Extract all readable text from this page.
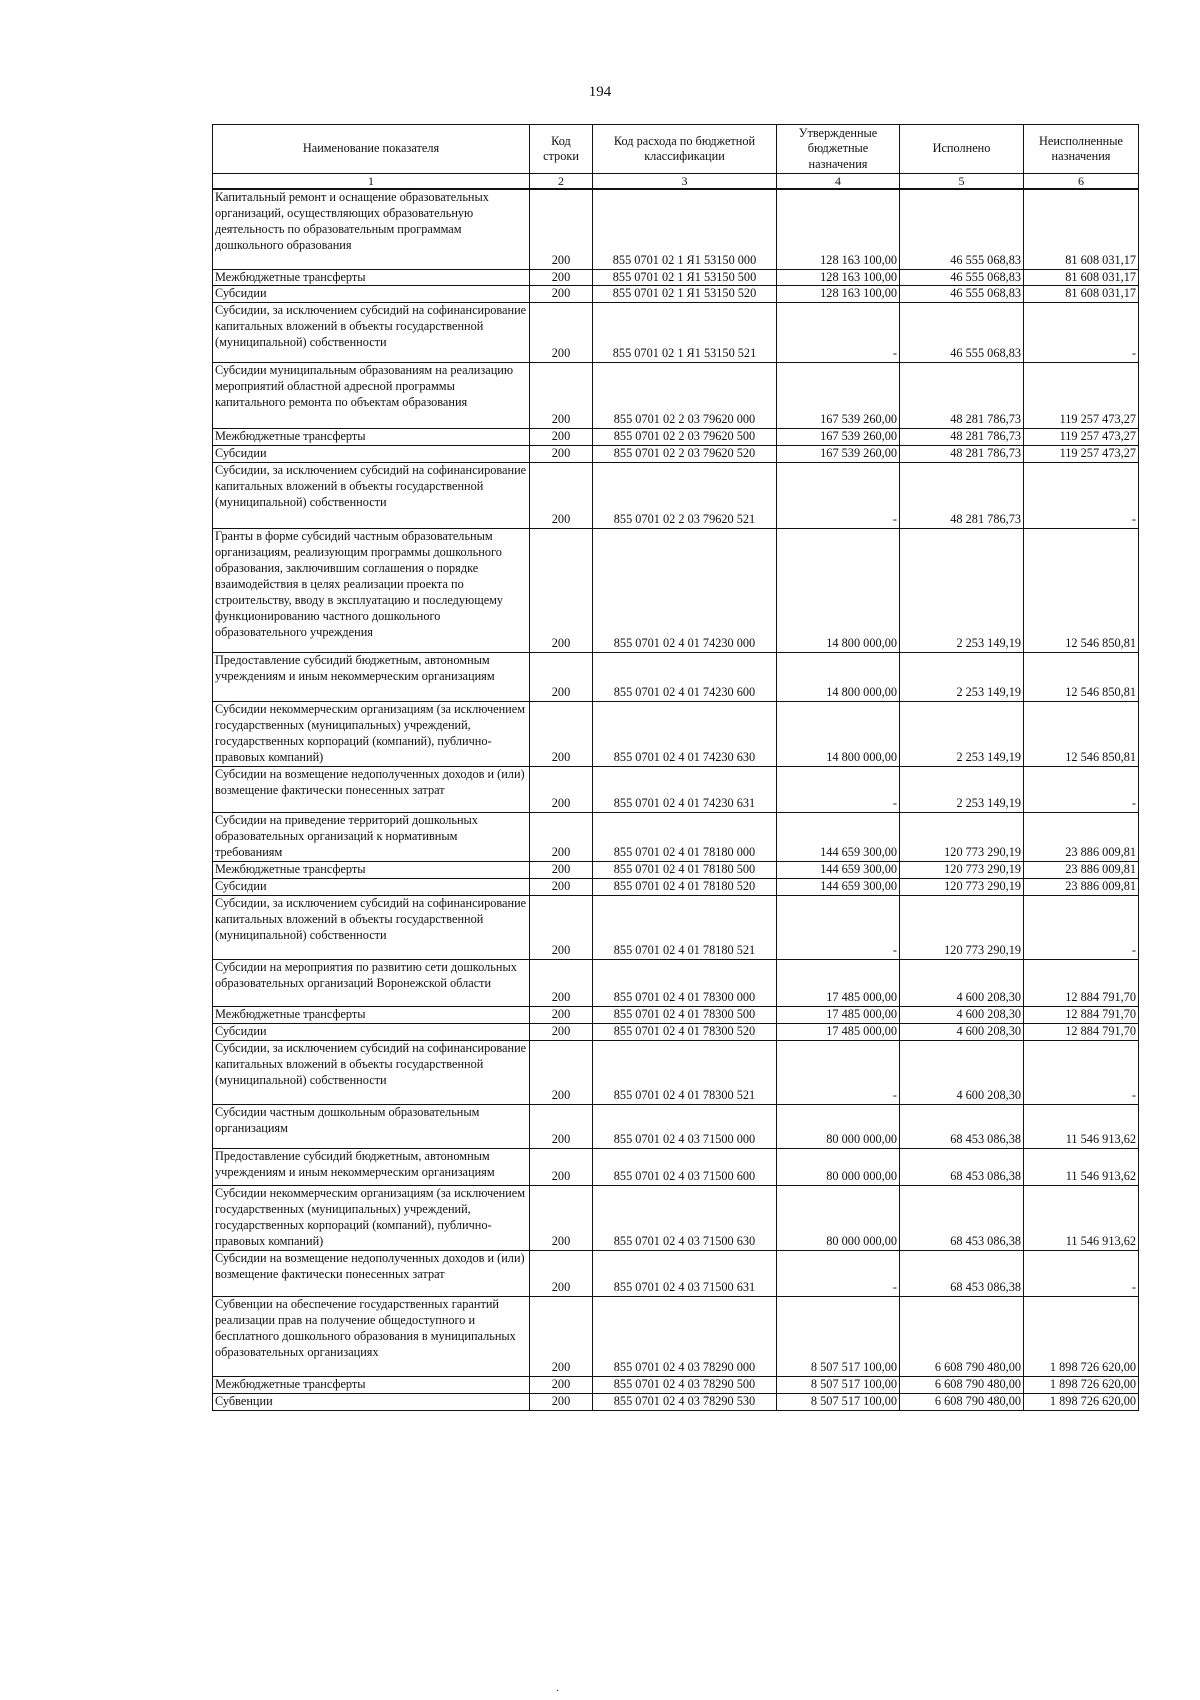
194
Наименование показателя	Код строки	Код расхода по бюджетной классификации	Утвержденные бюджетные назначения	Исполнено	Неисполненные назначения
1	2	3	4	5	6
Капитальный ремонт и оснащение образовательных организаций, осуществляющих образовательную деятельность по образовательным программам дошкольного образования	200	855 0701 02 1 Я1 53150 000	128 163 100,00	46 555 068,83	81 608 031,17
Межбюджетные трансферты	200	855 0701 02 1 Я1 53150 500	128 163 100,00	46 555 068,83	81 608 031,17
Субсидии	200	855 0701 02 1 Я1 53150 520	128 163 100,00	46 555 068,83	81 608 031,17
Субсидии, за исключением субсидий на софинансирование капитальных вложений в объекты государственной (муниципальной) собственности	200	855 0701 02 1 Я1 53150 521	-	46 555 068,83	-
Субсидии муниципальным образованиям на реализацию мероприятий областной адресной программы капитального ремонта по объектам образования	200	855 0701 02 2 03 79620 000	167 539 260,00	48 281 786,73	119 257 473,27
Межбюджетные трансферты	200	855 0701 02 2 03 79620 500	167 539 260,00	48 281 786,73	119 257 473,27
Субсидии	200	855 0701 02 2 03 79620 520	167 539 260,00	48 281 786,73	119 257 473,27
Субсидии, за исключением субсидий на софинансирование капитальных вложений в объекты государственной (муниципальной) собственности	200	855 0701 02 2 03 79620 521	-	48 281 786,73	-
Гранты в форме субсидий частным образовательным организациям, реализующим программы дошкольного образования, заключившим соглашения о порядке взаимодействия в целях реализации проекта по строительству, вводу в эксплуатацию и последующему функционированию частного дошкольного образовательного учреждения	200	855 0701 02 4 01 74230 000	14 800 000,00	2 253 149,19	12 546 850,81
Предоставление субсидий бюджетным, автономным учреждениям и иным некоммерческим организациям	200	855 0701 02 4 01 74230 600	14 800 000,00	2 253 149,19	12 546 850,81
Субсидии некоммерческим организациям (за исключением государственных (муниципальных) учреждений, государственных корпораций (компаний), публично-правовых компаний)	200	855 0701 02 4 01 74230 630	14 800 000,00	2 253 149,19	12 546 850,81
Субсидии на возмещение недополученных доходов и (или) возмещение фактически понесенных затрат	200	855 0701 02 4 01 74230 631	-	2 253 149,19	-
Субсидии на приведение территорий дошкольных образовательных организаций к нормативным требованиям	200	855 0701 02 4 01 78180 000	144 659 300,00	120 773 290,19	23 886 009,81
Межбюджетные трансферты	200	855 0701 02 4 01 78180 500	144 659 300,00	120 773 290,19	23 886 009,81
Субсидии	200	855 0701 02 4 01 78180 520	144 659 300,00	120 773 290,19	23 886 009,81
Субсидии, за исключением субсидий на софинансирование капитальных вложений в объекты государственной (муниципальной) собственности	200	855 0701 02 4 01 78180 521	-	120 773 290,19	-
Субсидии на мероприятия по развитию сети дошкольных образовательных организаций Воронежской области	200	855 0701 02 4 01 78300 000	17 485 000,00	4 600 208,30	12 884 791,70
Межбюджетные трансферты	200	855 0701 02 4 01 78300 500	17 485 000,00	4 600 208,30	12 884 791,70
Субсидии	200	855 0701 02 4 01 78300 520	17 485 000,00	4 600 208,30	12 884 791,70
Субсидии, за исключением субсидий на софинансирование капитальных вложений в объекты государственной (муниципальной) собственности	200	855 0701 02 4 01 78300 521	-	4 600 208,30	-
Субсидии частным дошкольным образовательным организациям	200	855 0701 02 4 03 71500 000	80 000 000,00	68 453 086,38	11 546 913,62
Предоставление субсидий бюджетным, автономным учреждениям и иным некоммерческим организациям	200	855 0701 02 4 03 71500 600	80 000 000,00	68 453 086,38	11 546 913,62
Субсидии некоммерческим организациям (за исключением государственных (муниципальных) учреждений, государственных корпораций (компаний), публично-правовых компаний)	200	855 0701 02 4 03 71500 630	80 000 000,00	68 453 086,38	11 546 913,62
Субсидии на возмещение недополученных доходов и (или) возмещение фактически понесенных затрат	200	855 0701 02 4 03 71500 631	-	68 453 086,38	-
Субвенции на обеспечение государственных гарантий реализации прав на получение общедоступного и бесплатного дошкольного образования в муниципальных образовательных организациях	200	855 0701 02 4 03 78290 000	8 507 517 100,00	6 608 790 480,00	1 898 726 620,00
Межбюджетные трансферты	200	855 0701 02 4 03 78290 500	8 507 517 100,00	6 608 790 480,00	1 898 726 620,00
Субвенции	200	855 0701 02 4 03 78290 530	8 507 517 100,00	6 608 790 480,00	1 898 726 620,00
·
